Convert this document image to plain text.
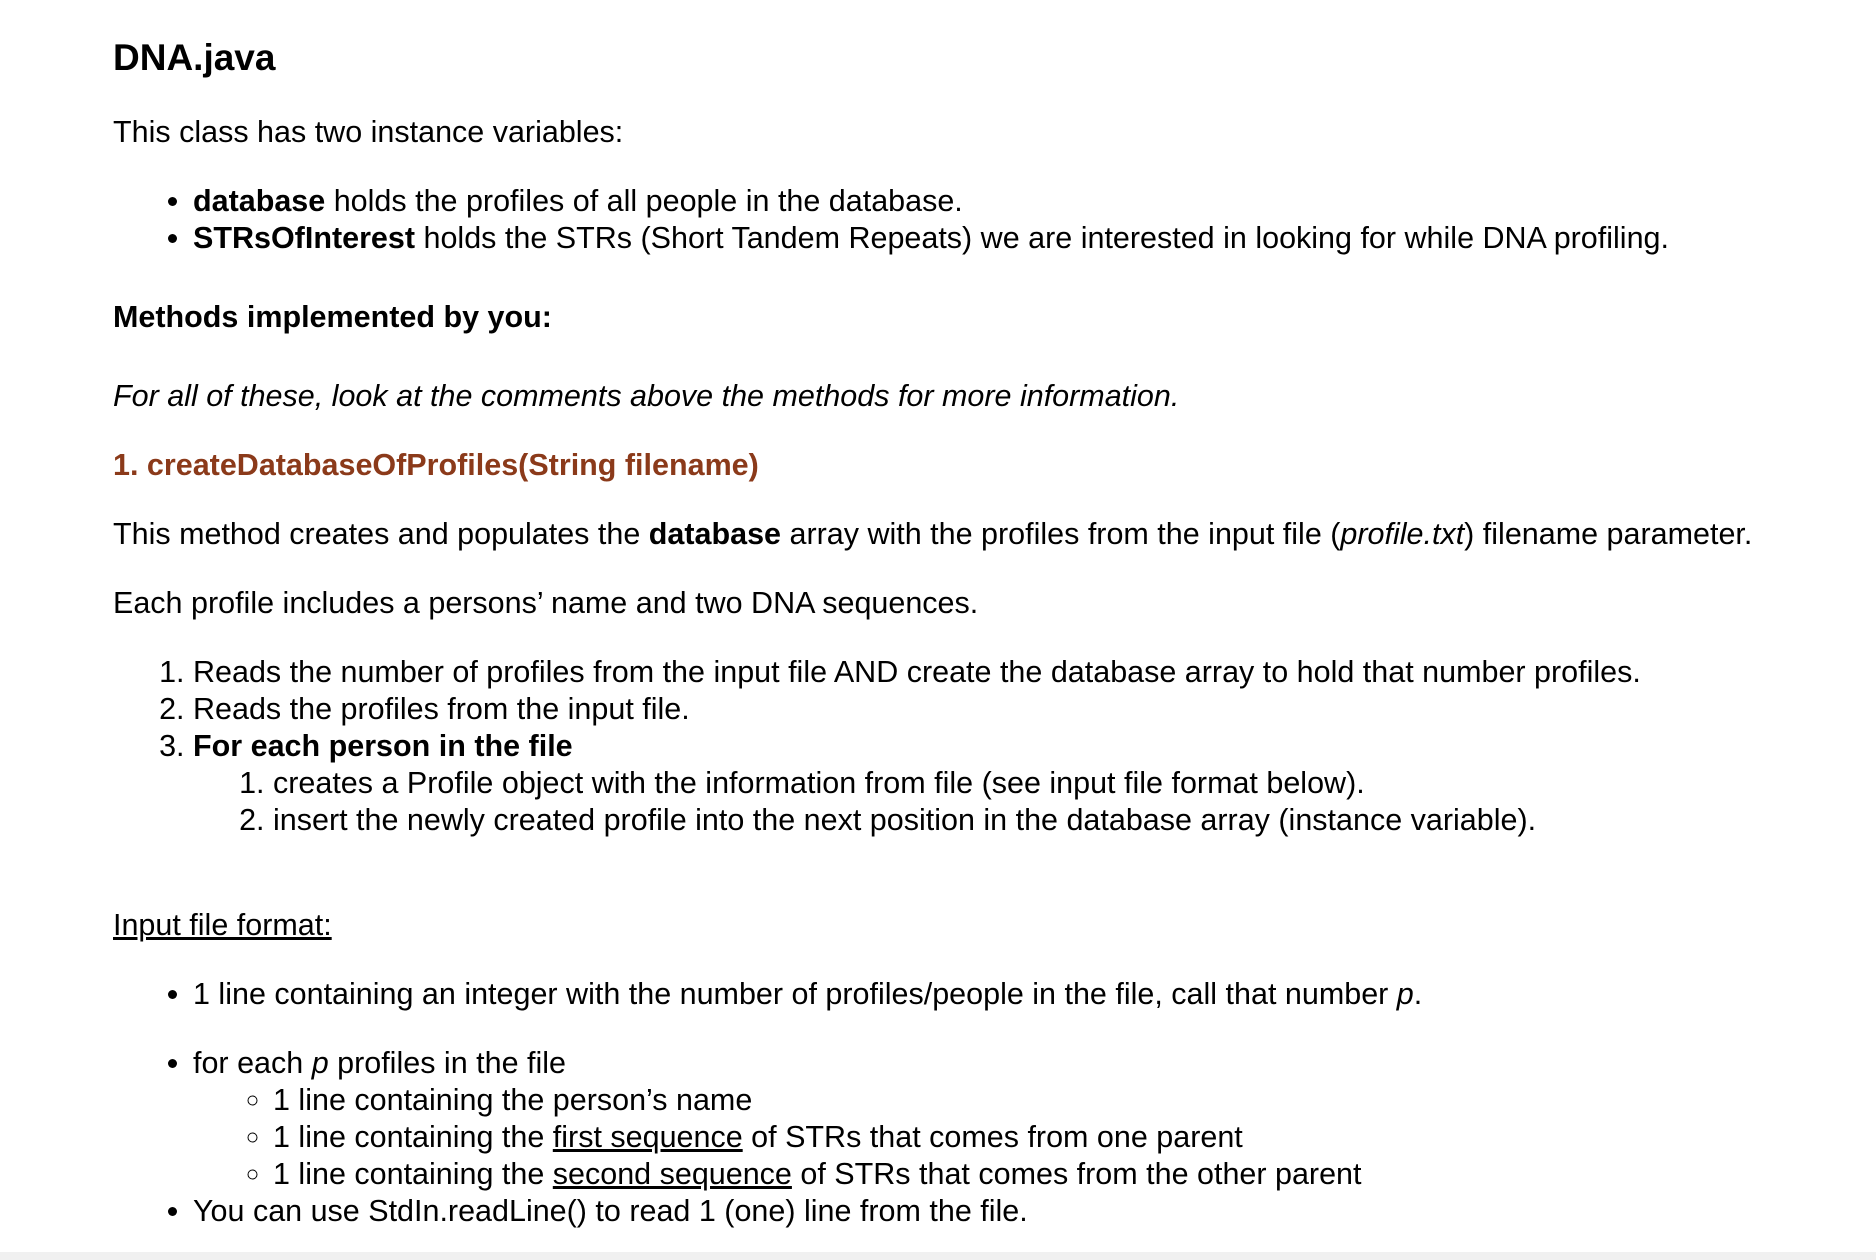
DNA.java

This class has two instance variables:

• database holds the profiles of all people in the database.
• STRsOfInterest holds the STRs (Short Tandem Repeats) we are interested in looking for while DNA profiling.

Methods implemented by you:

For all of these, look at the comments above the methods for more information.

1. createDatabaseOfProfiles(String filename)

This method creates and populates the database array with the profiles from the input file (profile.txt) filename parameter.

Each profile includes a persons’ name and two DNA sequences.

1. Reads the number of profiles from the input file AND create the database array to hold that number profiles.
2. Reads the profiles from the input file.
3. For each person in the file
1. creates a Profile object with the information from file (see input file format below).
2. insert the newly created profile into the next position in the database array (instance variable).

Input file format:

• 1 line containing an integer with the number of profiles/people in the file, call that number p.
• for each p profiles in the file
◦ 1 line containing the person’s name
◦ 1 line containing the first sequence of STRs that comes from one parent
◦ 1 line containing the second sequence of STRs that comes from the other parent
• You can use StdIn.readLine() to read 1 (one) line from the file.
